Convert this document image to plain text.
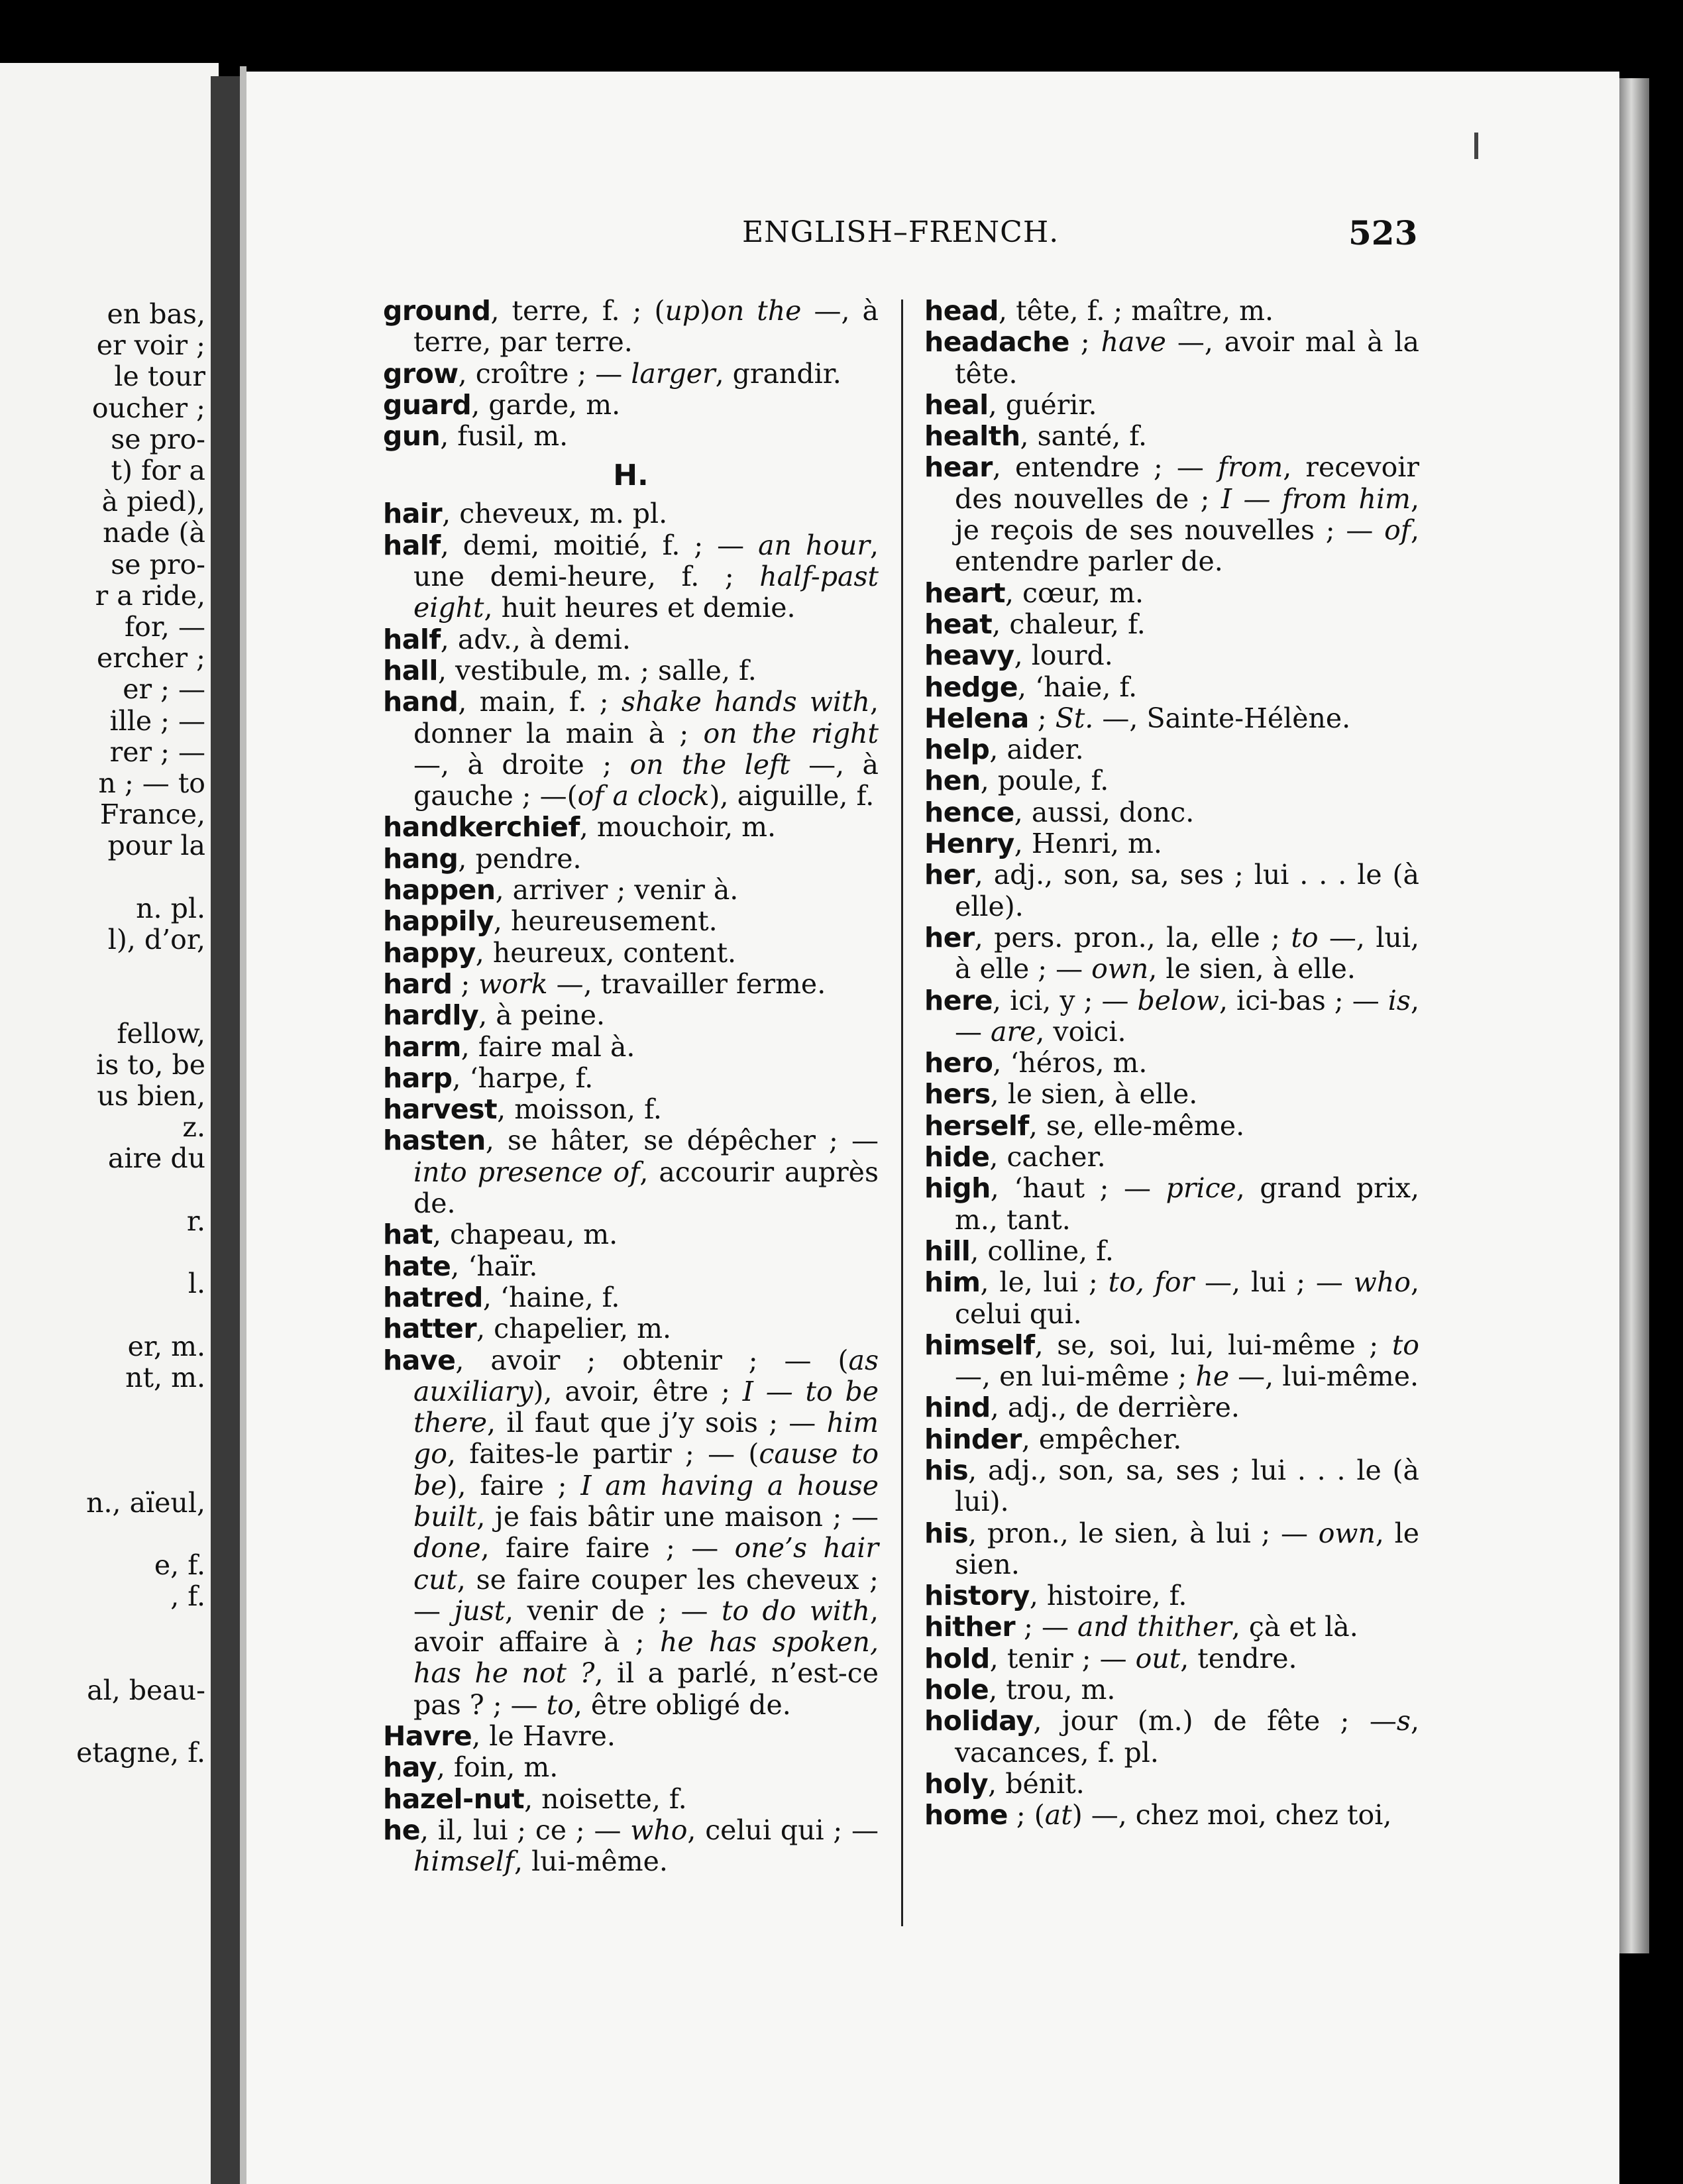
en bas,
er voir ;
le tour
oucher ;
se pro-
t) for a
à pied),
nade (à
se pro-
r a ride,
for, —
ercher ;
er ; —
ille ; —
rer ; —
n ; — to
France,
pour la
n. pl.
l), d’or,
fellow,
is to, be
us bien,
z.
aire du
r.
l.
er, m.
nt, m.
n., aïeul,
e, f.
, f.
al, beau-
etagne, f.
ENGLISH–FRENCH.	523
ground, terre, f. ; (up)on the —, à terre, par terre.
grow, croître ; — larger, grandir.
guard, garde, m.
gun, fusil, m.
H.
hair, cheveux, m. pl.
half, demi, moitié, f. ; — an hour, une demi-heure, f. ; half-past eight, huit heures et demie.
half, adv., à demi.
hall, vestibule, m. ; salle, f.
hand, main, f. ; shake hands with, donner la main à ; on the right —, à droite ; on the left —, à gauche ; —(of a clock), aiguille, f.
handkerchief, mouchoir, m.
hang, pendre.
happen, arriver ; venir à.
happily, heureusement.
happy, heureux, content.
hard ; work —, travailler ferme.
hardly, à peine.
harm, faire mal à.
harp, ‘harpe, f.
harvest, moisson, f.
hasten, se hâter, se dépêcher ; — into presence of, accourir auprès de.
hat, chapeau, m.
hate, ‘haïr.
hatred, ‘haine, f.
hatter, chapelier, m.
have, avoir ; obtenir ; — (as auxiliary), avoir, être ; I — to be there, il faut que j’y sois ; — him go, faites-le partir ; — (cause to be), faire ; I am having a house built, je fais bâtir une maison ; — done, faire faire ; — one’s hair cut, se faire couper les cheveux ; — just, venir de ; — to do with, avoir affaire à ; he has spoken, has he not ?, il a parlé, n’est-ce pas ? ; — to, être obligé de.
Havre, le Havre.
hay, foin, m.
hazel-nut, noisette, f.
he, il, lui ; ce ; — who, celui qui ; — himself, lui-même.
head, tête, f. ; maître, m.
headache ; have —, avoir mal à la tête.
heal, guérir.
health, santé, f.
hear, entendre ; — from, recevoir des nouvelles de ; I — from him, je reçois de ses nouvelles ; — of, entendre parler de.
heart, cœur, m.
heat, chaleur, f.
heavy, lourd.
hedge, ‘haie, f.
Helena ; St. —, Sainte-Hélène.
help, aider.
hen, poule, f.
hence, aussi, donc.
Henry, Henri, m.
her, adj., son, sa, ses ; lui . . . le (à elle).
her, pers. pron., la, elle ; to —, lui, à elle ; — own, le sien, à elle.
here, ici, y ; — below, ici-bas ; — is, — are, voici.
hero, ‘héros, m.
hers, le sien, à elle.
herself, se, elle-même.
hide, cacher.
high, ‘haut ; — price, grand prix, m., tant.
hill, colline, f.
him, le, lui ; to, for —, lui ; — who, celui qui.
himself, se, soi, lui, lui-même ; to —, en lui-même ; he —, lui-même.
hind, adj., de derrière.
hinder, empêcher.
his, adj., son, sa, ses ; lui . . . le (à lui).
his, pron., le sien, à lui ; — own, le sien.
history, histoire, f.
hither ; — and thither, çà et là.
hold, tenir ; — out, tendre.
hole, trou, m.
holiday, jour (m.) de fête ; —s, vacances, f. pl.
holy, bénit.
home ; (at) —, chez moi, chez toi,
